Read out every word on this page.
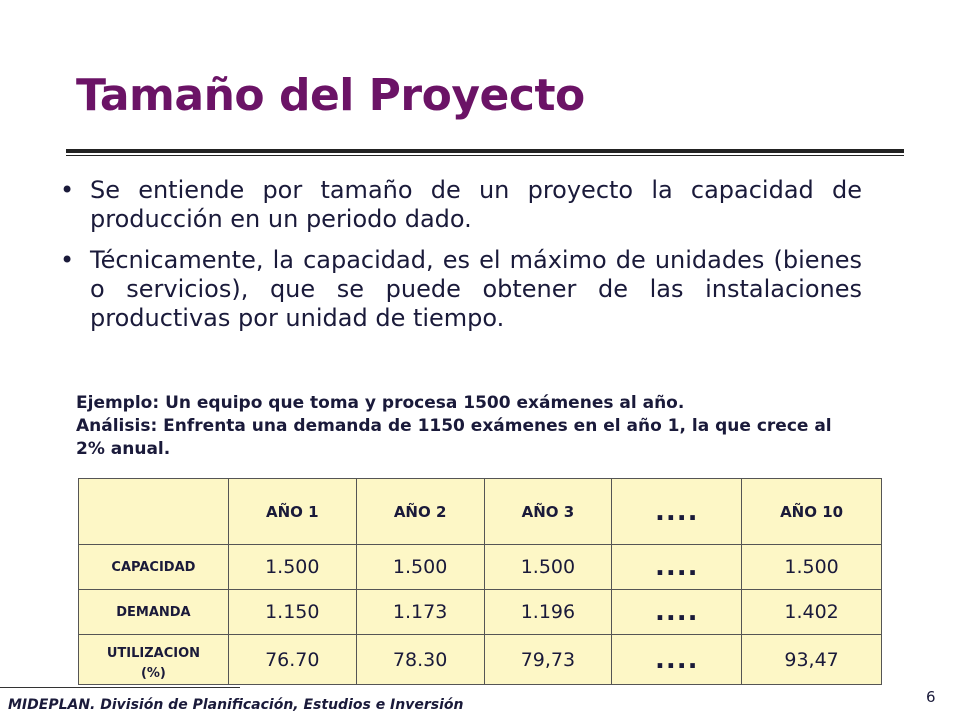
Tamaño del Proyecto
• Se entiende por tamaño de un proyecto la capacidad de producción en un periodo dado.
• Técnicamente, la capacidad, es el máximo de unidades (bienes o servicios), que se puede obtener de las instalaciones productivas por unidad de tiempo.
Ejemplo: Un equipo que toma y procesa 1500 exámenes al año.
Análisis: Enfrenta una demanda de 1150 exámenes en el año 1, la que crece al 2% anual.
	AÑO 1	AÑO 2	AÑO 3	....	AÑO 10
CAPACIDAD	1.500	1.500	1.500	....	1.500
DEMANDA	1.150	1.173	1.196	....	1.402
UTILIZACION
(%)	76.70	78.30	79,73	....	93,47
MIDEPLAN. División de Planificación, Estudios e Inversión	6
